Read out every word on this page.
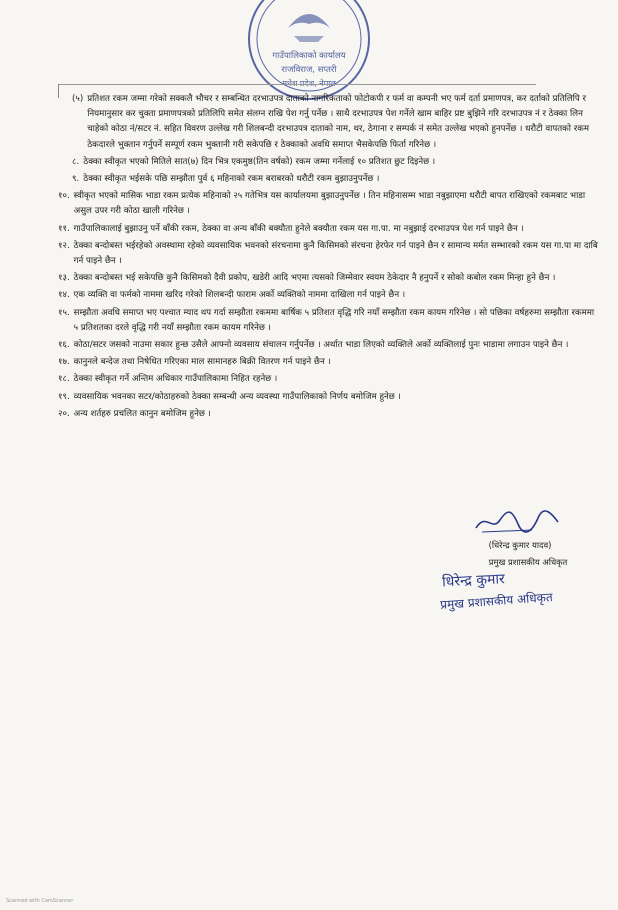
गाउँपालिकाको कार्यालय
राजविराज, सप्तरी
मधेश प्रदेश, नेपाल
(५) प्रतिशत रकम जम्मा गरेको सक्कलै भौचर र सम्बन्धित दरभाउपत्र दाताको नागरिकताको फोटोकपी र फर्म वा कम्पनी भए फर्म दर्ता प्रमाणपत्र, कर दर्ताको प्रतिलिपि र नियमानुसार कर चुक्ता प्रमाणपत्रको प्रतिलिपि समेत संलग्न राखि पेश गर्नु पर्नेछ । साथै दरभाउपत्र पेश गर्नेले खाम बाहिर प्रष्ट बुझिने गरि दरभाउपत्र नं र ठेक्का लिन चाहेको कोठा नं/सटर नं. सहित विवरण उल्लेख गरी शिलबन्दी दरभाउपत्र दाताको नाम, थर, ठेगाना र सम्पर्क नं समेत उल्लेख भएको हुनपर्नेछ । धरौटी वापतको रकम ठेकदारले भुक्तान गर्नुपर्ने सम्पूर्ण रकम भुक्तानी गरी सकेपछि र ठेक्काको अवधि समाप्त भैसकेपछि फिर्ता गरिनेछ ।
८. ठेक्का स्वीकृत भएको मितिले सात(७) दिन भित्र एकमुष्ठ(तिन वर्षको) रकम जम्मा गर्नेलाई १० प्रतिशत छुट दिइनेछ ।
९. ठेक्का स्वीकृत भईसके पछि सम्झौता पुर्व ६ महिनाको रकम बराबरको धरौटी रकम बुझाउनुपर्नेछ ।
१०. स्वीकृत भएको मासिक भाडा रकम प्रत्येक महिनाको २५ गतेभित्र यस कार्यालयमा बुझाउनुपर्नेछ । तिन महिनासम्म भाडा नबुझाएमा धरौटी बापत राखिएको रकमबाट भाडा असुल उपर गरी कोठा खाली गरिनेछ ।
११. गाउँपालिकालाई बुझाउनु पर्ने बाँकी रकम, ठेक्का वा अन्य बाँकी बक्यौता हुनेले बक्यौता रकम यस गा.पा. मा नबुझाई दरभाउपत्र पेश गर्न पाइने छैन ।
१२. ठेक्का बन्दोबस्त भईरहेको अवस्थामा रहेको व्यवसायिक भवनको संरचनामा कुनै किसिमको संरचना हेरफेर गर्न पाइने छैन र सामान्य मर्मत सम्भारको रकम यस गा.पा मा दाबि गर्न पाइने छैन ।
१३. ठेक्का बन्दोबस्त भई सकेपछि कुनै किसिमको दैवी प्रकोप, खडेरी आदि भएमा त्यसको जिम्मेवार स्वयम ठेकेदार नै हनुपर्ने र सोको कबोल रकम मिन्हा हुने छैन ।
१४. एक व्यक्ति वा फर्मको नाममा खरिद गरेको शिलबन्दी फाराम अर्को व्यक्तिको नाममा दाखिला गर्न पाइने छैन ।
१५. सम्झौता अवधि समाप्त भए पश्चात म्याद थप गर्दा सम्झौता रकममा बार्षिक ५ प्रतिशत वृद्धि गरि नयाँ सम्झौता रकम कायम गरिनेछ । सो पछिका वर्षहरुमा सम्झौता रकममा ५ प्रतिशतका दरले वृद्धि गरी नयाँ सम्झौता रकम कायम गरिनेछ ।
१६. कोठा/सटर जसको नाउमा सकार हुन्छ उसैले आफ्नो व्यवसाय संचालन गर्नुपर्नेछ । अर्थात भाडा लिएको व्यक्तिले अर्को व्यक्तिलाई पुनः भाडामा लगाउन पाइने छैन ।
१७. कानुनले बन्देज तथा निषेधित गरिएका माल सामानहरु बिक्री वितरण गर्न पाइने छैन ।
१८. ठेक्का स्वीकृत गर्ने अन्तिम अधिकार गाउँपालिकामा निहित रहनेछ ।
१९. व्यवसायिक भवनका सटर/कोठाहरुको ठेक्का सम्बन्धी अन्य व्यवस्था गाउँपालिकाको निर्णय बमोजिम हुनेछ ।
२०. अन्य शर्तहरु प्रचलित कानुन बमोजिम हुनेछ ।
(धिरेन्द्र कुमार यादव)
प्रमुख प्रशासकीय अधिकृत
धिरेन्द्र कुमार
प्रमुख प्रशासकीय अधिकृत
Scanned with CamScanner
